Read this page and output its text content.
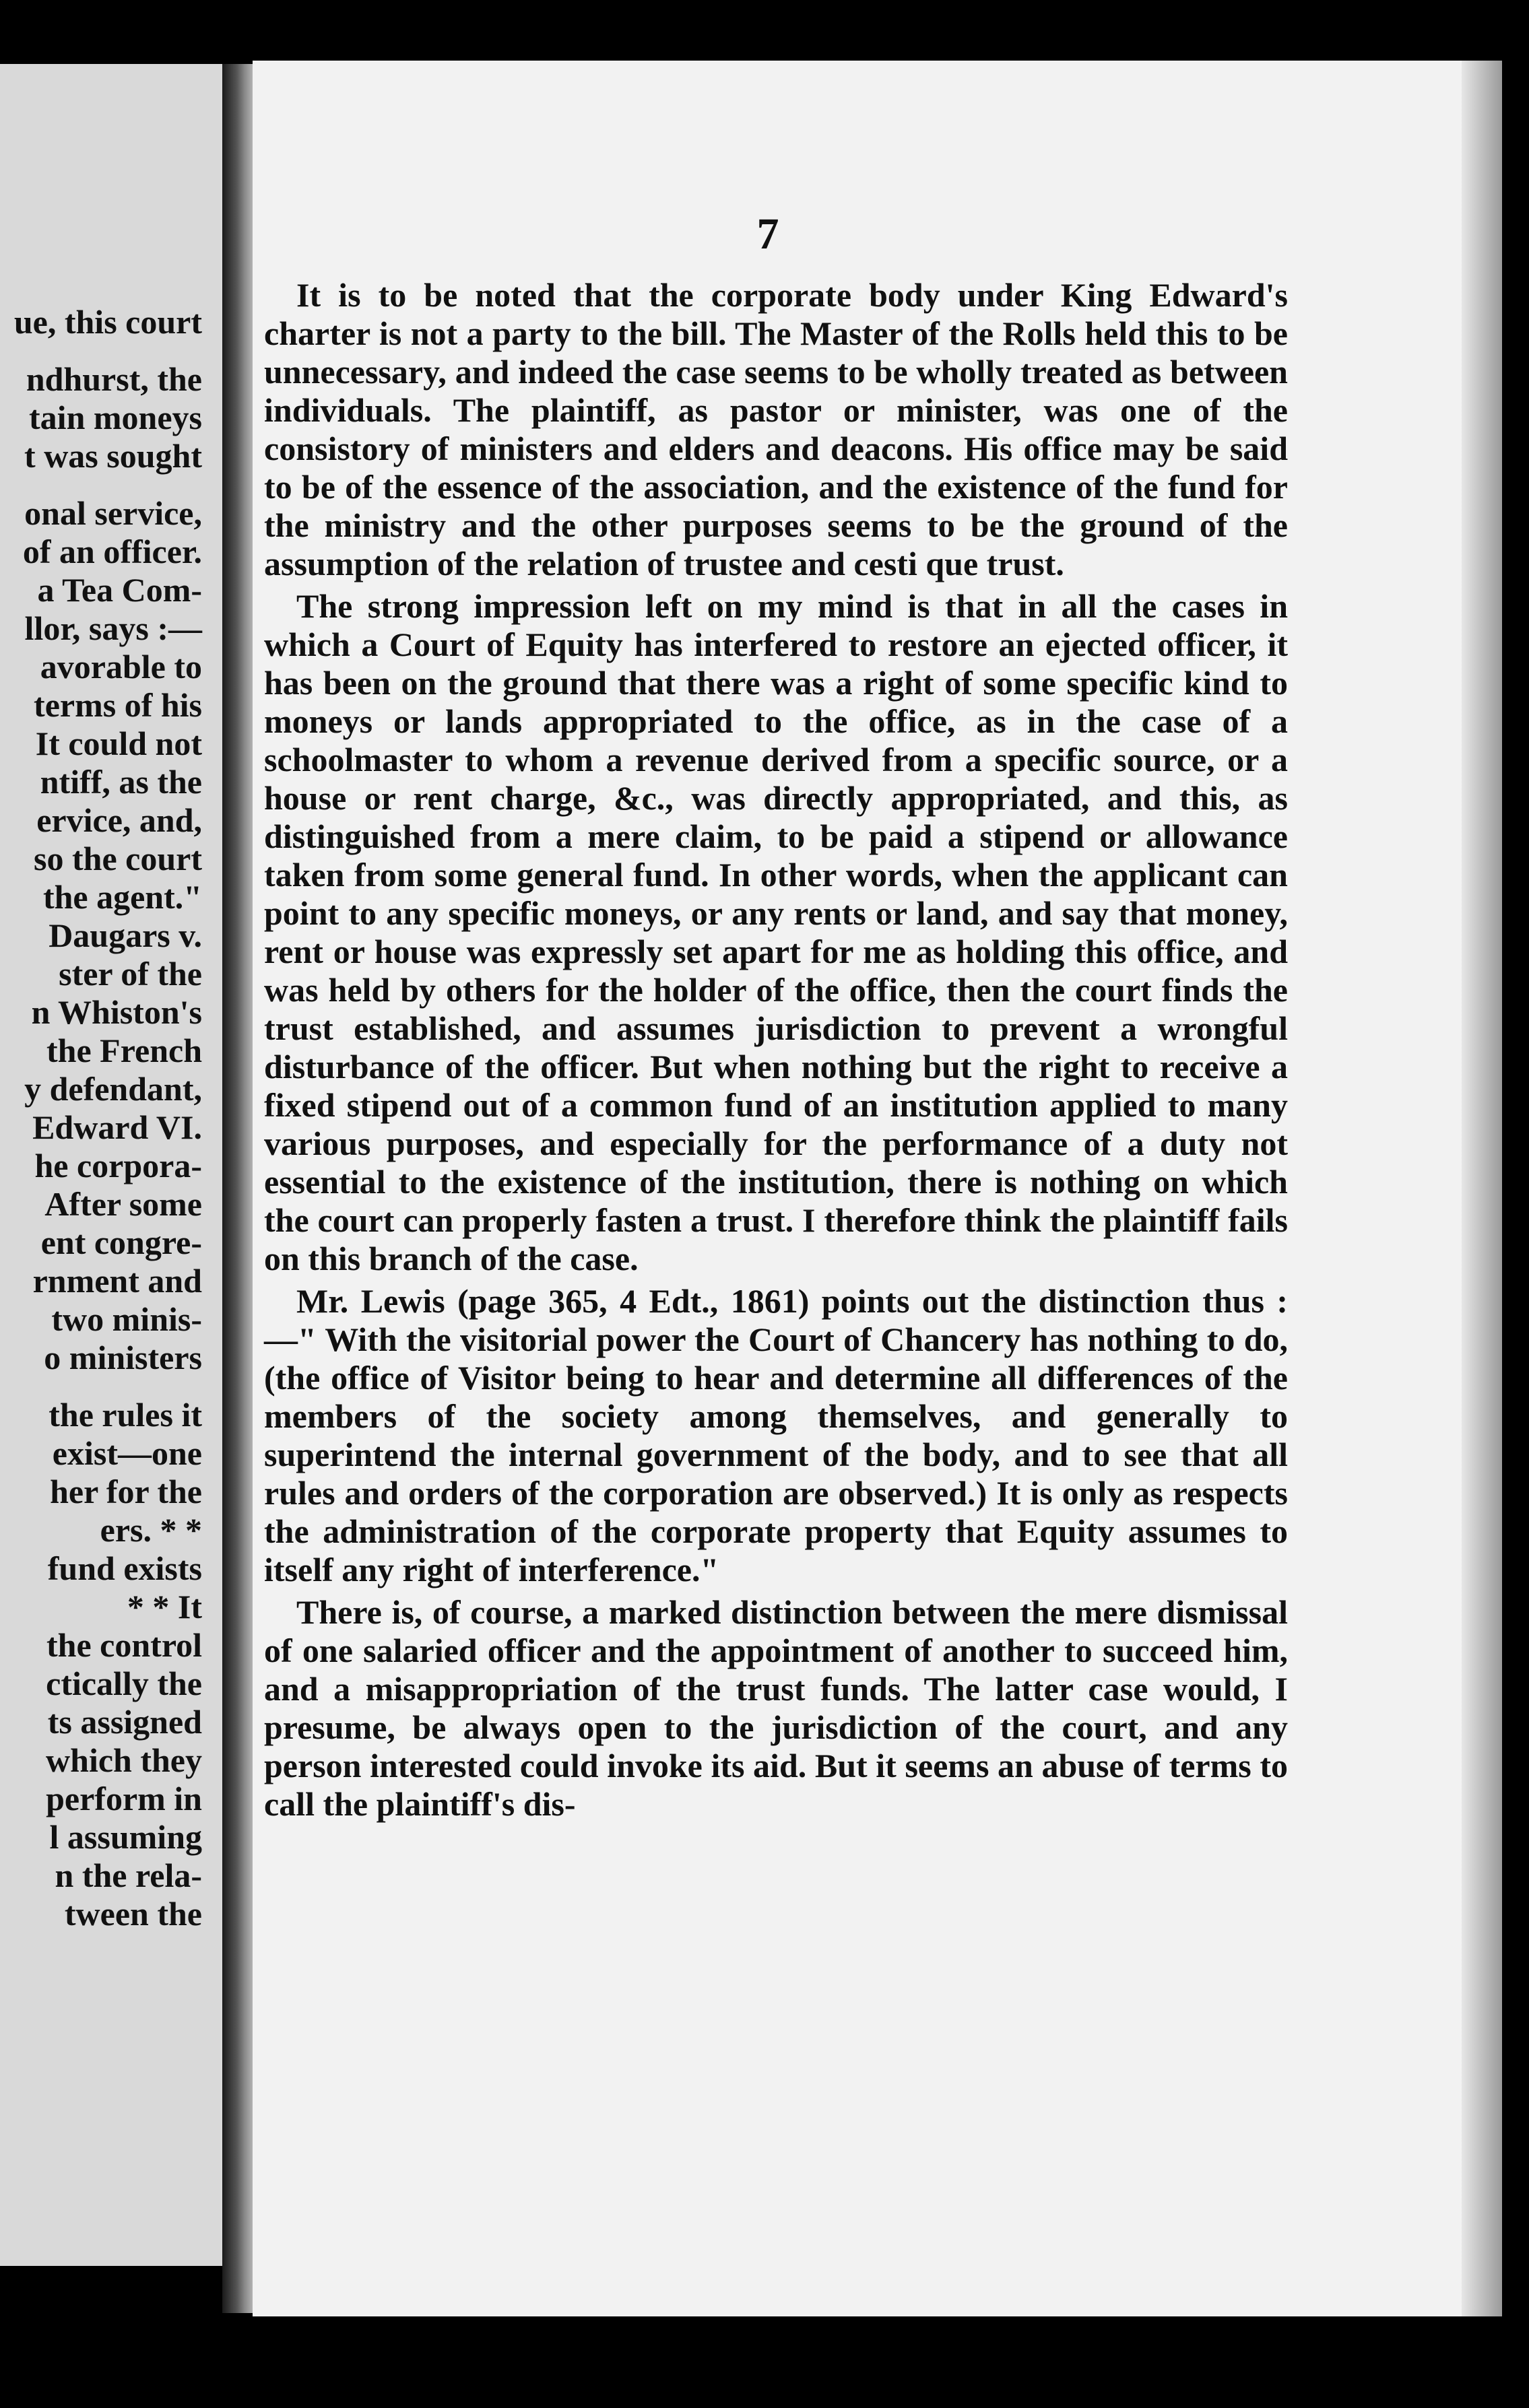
ue, this court
ndhurst, the
tain moneys
t was sought
onal service,
of an officer.
a Tea Com-
llor, says :—
avorable to
terms of his
It could not
ntiff, as the
ervice, and,
so the court
the agent."
Daugars v.
ster of the
n Whiston's
the French
y defendant,
Edward VI.
he corpora-
After some
ent congre-
rnment and
two minis-
o ministers
the rules it
exist—one
her for the
ers. * *
fund exists
* * It
the control
ctically the
ts assigned
which they
perform in
l assuming
n the rela-
tween the
7

It is to be noted that the corporate body under King Edward's charter is not a party to the bill. The Master of the Rolls held this to be unnecessary, and indeed the case seems to be wholly treated as between individuals. The plaintiff, as pastor or minister, was one of the consistory of ministers and elders and deacons. His office may be said to be of the essence of the association, and the existence of the fund for the ministry and the other purposes seems to be the ground of the assumption of the relation of trustee and cesti que trust.

The strong impression left on my mind is that in all the cases in which a Court of Equity has interfered to restore an ejected officer, it has been on the ground that there was a right of some specific kind to moneys or lands appropriated to the office, as in the case of a schoolmaster to whom a revenue derived from a specific source, or a house or rent charge, &c., was directly appropriated, and this, as distinguished from a mere claim, to be paid a stipend or allowance taken from some general fund. In other words, when the applicant can point to any specific moneys, or any rents or land, and say that money, rent or house was expressly set apart for me as holding this office, and was held by others for the holder of the office, then the court finds the trust established, and assumes jurisdiction to prevent a wrongful disturbance of the officer. But when nothing but the right to receive a fixed stipend out of a common fund of an institution applied to many various purposes, and especially for the performance of a duty not essential to the existence of the institution, there is nothing on which the court can properly fasten a trust. I therefore think the plaintiff fails on this branch of the case.

Mr. Lewis (page 365, 4 Edt., 1861) points out the distinction thus :—" With the visitorial power the Court of Chancery has nothing to do, (the office of Visitor being to hear and determine all differences of the members of the society among themselves, and generally to superintend the internal government of the body, and to see that all rules and orders of the corporation are observed.) It is only as respects the administration of the corporate property that Equity assumes to itself any right of interference."

There is, of course, a marked distinction between the mere dismissal of one salaried officer and the appointment of another to succeed him, and a misappropriation of the trust funds. The latter case would, I presume, be always open to the jurisdiction of the court, and any person interested could invoke its aid. But it seems an abuse of terms to call the plaintiff's dis-
